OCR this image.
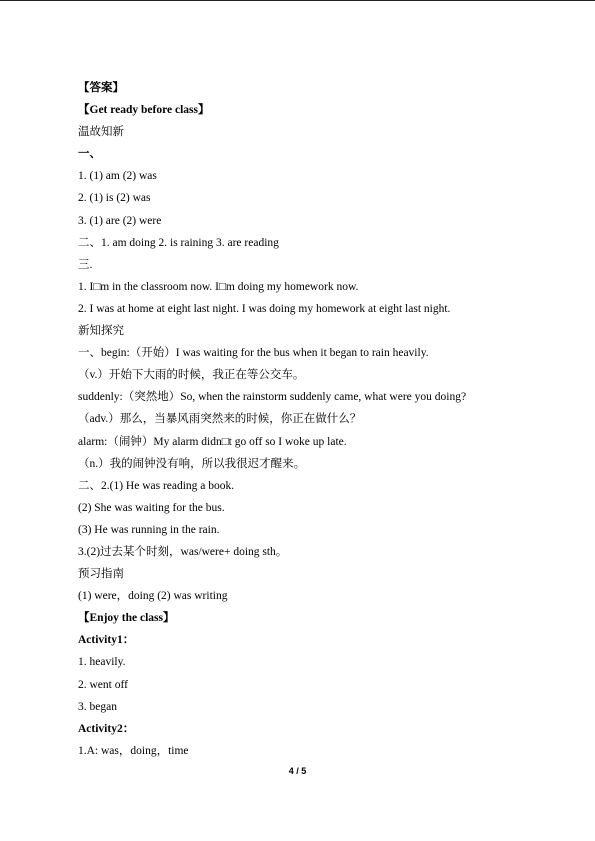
【答案】
【Get ready before class】
温故知新
一、
1. (1) am (2) was
2. (1) is (2) was
3. (1) are (2) were
二、1. am doing 2. is raining 3. are reading
三.
1. I□m in the classroom now. I□m doing my homework now.
2. I was at home at eight last night. I was doing my homework at eight last night.
新知探究
一、begin:（开始）I was waiting for the bus when it began to rain heavily.
（v.）开始下大雨的时候，我正在等公交车。
suddenly:（突然地）So, when the rainstorm suddenly came, what were you doing?
（adv.）那么，当暴风雨突然来的时候，你正在做什么？
alarm:（闹钟）My alarm didn□t go off so I woke up late.
（n.）我的闹钟没有响，所以我很迟才醒来。
二、2.(1) He was reading a book.
(2) She was waiting for the bus.
(3) He was running in the rain.
3.(2)过去某个时刻，was/were+ doing sth。
预习指南
(1) were，doing (2) was writing
【Enjoy the class】
Activity1：
1. heavily.
2. went off
3. began
Activity2：
1.A: was，doing，time
4 / 5
